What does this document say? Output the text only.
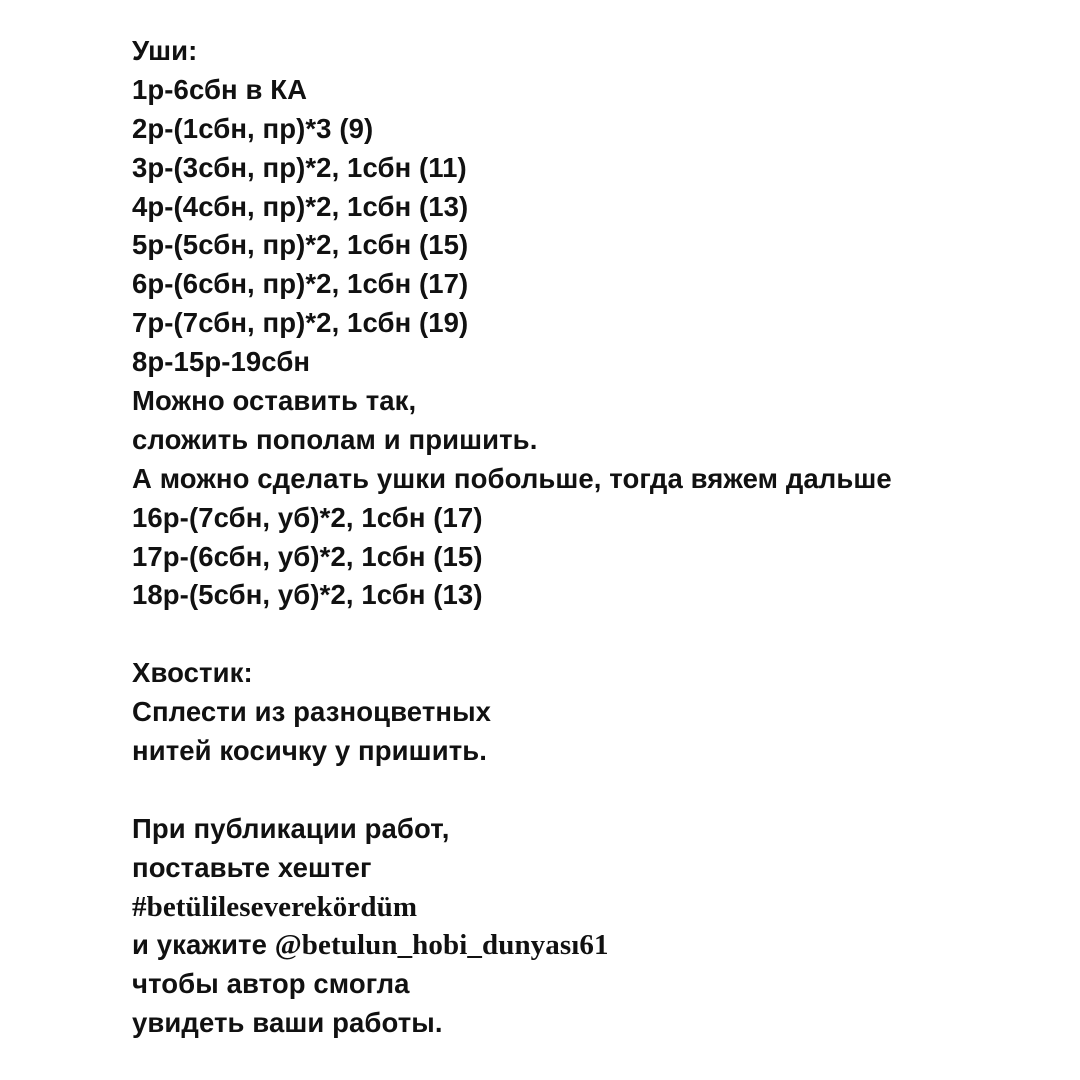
Уши:
1р-6сбн в КА
2р-(1сбн, пр)*3 (9)
3р-(3сбн, пр)*2, 1сбн (11)
4р-(4сбн, пр)*2, 1сбн (13)
5р-(5сбн, пр)*2, 1сбн (15)
6р-(6сбн, пр)*2, 1сбн (17)
7р-(7сбн, пр)*2, 1сбн (19)
8р-15р-19сбн
Можно оставить так,
сложить пополам и пришить.
А можно сделать ушки побольше, тогда вяжем дальше
16р-(7сбн, уб)*2, 1сбн (17)
17р-(6сбн, уб)*2, 1сбн (15)
18р-(5сбн, уб)*2, 1сбн (13)
Хвостик:
Сплести из разноцветных
нитей косичку у пришить.
При публикации работ,
поставьте хештег
#betülileseverekördüm
и укажите @betulun_hobi_dunyası61
чтобы автор смогла
увидеть ваши работы.
